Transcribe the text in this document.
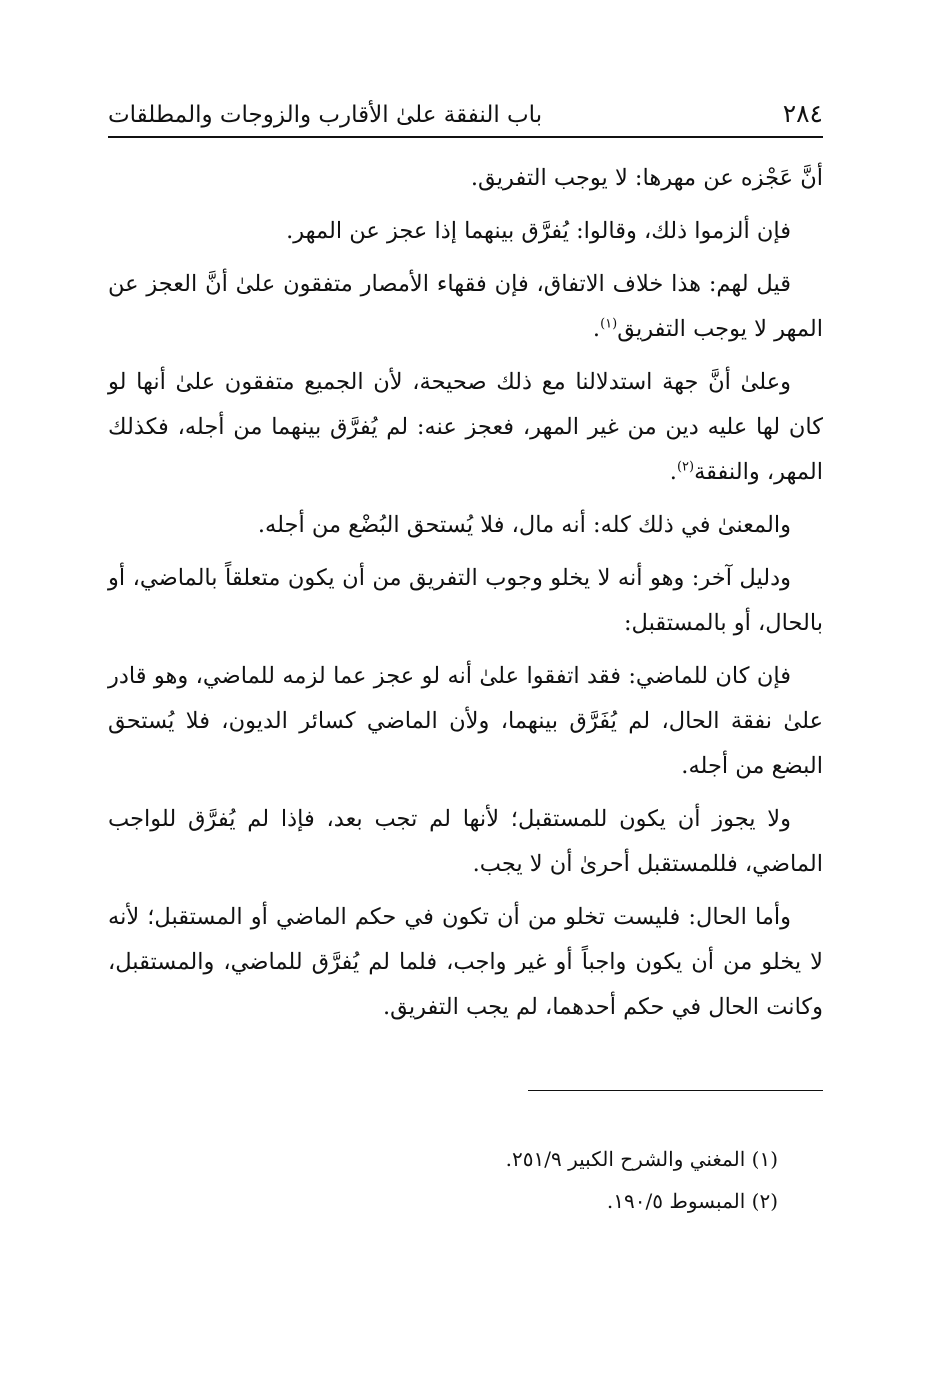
٢٨٤
باب النفقة علىٰ الأقارب والزوجات والمطلقات

أنَّ عَجْزه عن مهرها: لا يوجب التفريق.

فإن ألزموا ذلك، وقالوا: يُفرَّق بينهما إذا عجز عن المهر.

قيل لهم: هذا خلاف الاتفاق، فإن فقهاء الأمصار متفقون علىٰ أنَّ العجز عن المهر لا يوجب التفريق$^{(١)}$.

وعلىٰ أنَّ جهة استدلالنا مع ذلك صحيحة، لأن الجميع متفقون علىٰ أنها لو كان لها عليه دين من غير المهر، فعجز عنه: لم يُفرَّق بينهما من أجله، فكذلك المهر، والنفقة$^{(٢)}$.

والمعنىٰ في ذلك كله: أنه مال، فلا يُستحق البُضْع من أجله.

ودليل آخر: وهو أنه لا يخلو وجوب التفريق من أن يكون متعلقاً بالماضي، أو بالحال، أو بالمستقبل:

فإن كان للماضي: فقد اتفقوا علىٰ أنه لو عجز عما لزمه للماضي، وهو قادر علىٰ نفقة الحال، لم يُفَرَّق بينهما، ولأن الماضي كسائر الديون، فلا يُستحق البضع من أجله.

ولا يجوز أن يكون للمستقبل؛ لأنها لم تجب بعد، فإذا لم يُفرَّق للواجب الماضي، فللمستقبل أحرىٰ أن لا يجب.

وأما الحال: فليست تخلو من أن تكون في حكم الماضي أو المستقبل؛ لأنه لا يخلو من أن يكون واجباً أو غير واجب، فلما لم يُفرَّق للماضي، والمستقبل، وكانت الحال في حكم أحدهما، لم يجب التفريق.

(١) المغني والشرح الكبير ٢٥١/٩.
(٢) المبسوط ١٩٠/٥.
